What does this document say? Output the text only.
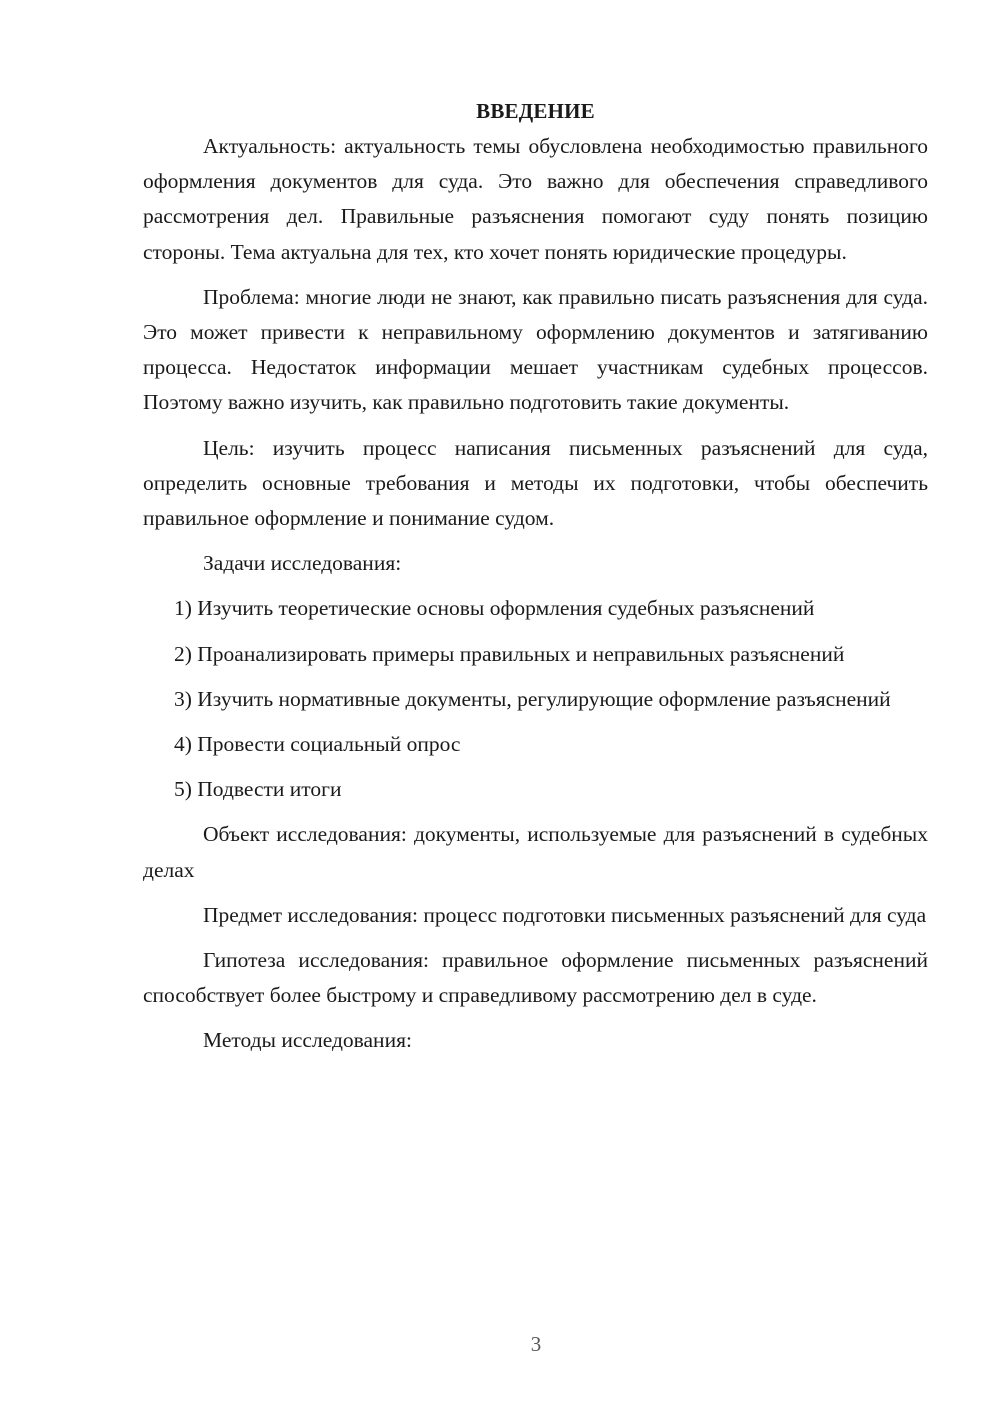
ВВЕДЕНИЕ

Актуальность: актуальность темы обусловлена необходимостью правильного оформления документов для суда. Это важно для обеспечения справедливого рассмотрения дел. Правильные разъяснения помогают суду понять позицию стороны. Тема актуальна для тех, кто хочет понять юридические процедуры.

Проблема: многие люди не знают, как правильно писать разъяснения для суда. Это может привести к неправильному оформлению документов и затягиванию процесса. Недостаток информации мешает участникам судебных процессов. Поэтому важно изучить, как правильно подготовить такие документы.

Цель: изучить процесс написания письменных разъяснений для суда, определить основные требования и методы их подготовки, чтобы обеспечить правильное оформление и понимание судом.

Задачи исследования:

1) Изучить теоретические основы оформления судебных разъяснений

2) Проанализировать примеры правильных и неправильных разъяснений

3) Изучить нормативные документы, регулирующие оформление разъяснений

4) Провести социальный опрос

5) Подвести итоги

Объект исследования: документы, используемые для разъяснений в судебных делах

Предмет исследования: процесс подготовки письменных разъяснений для суда

Гипотеза исследования: правильное оформление письменных разъяснений способствует более быстрому и справедливому рассмотрению дел в суде.

Методы исследования:

3
